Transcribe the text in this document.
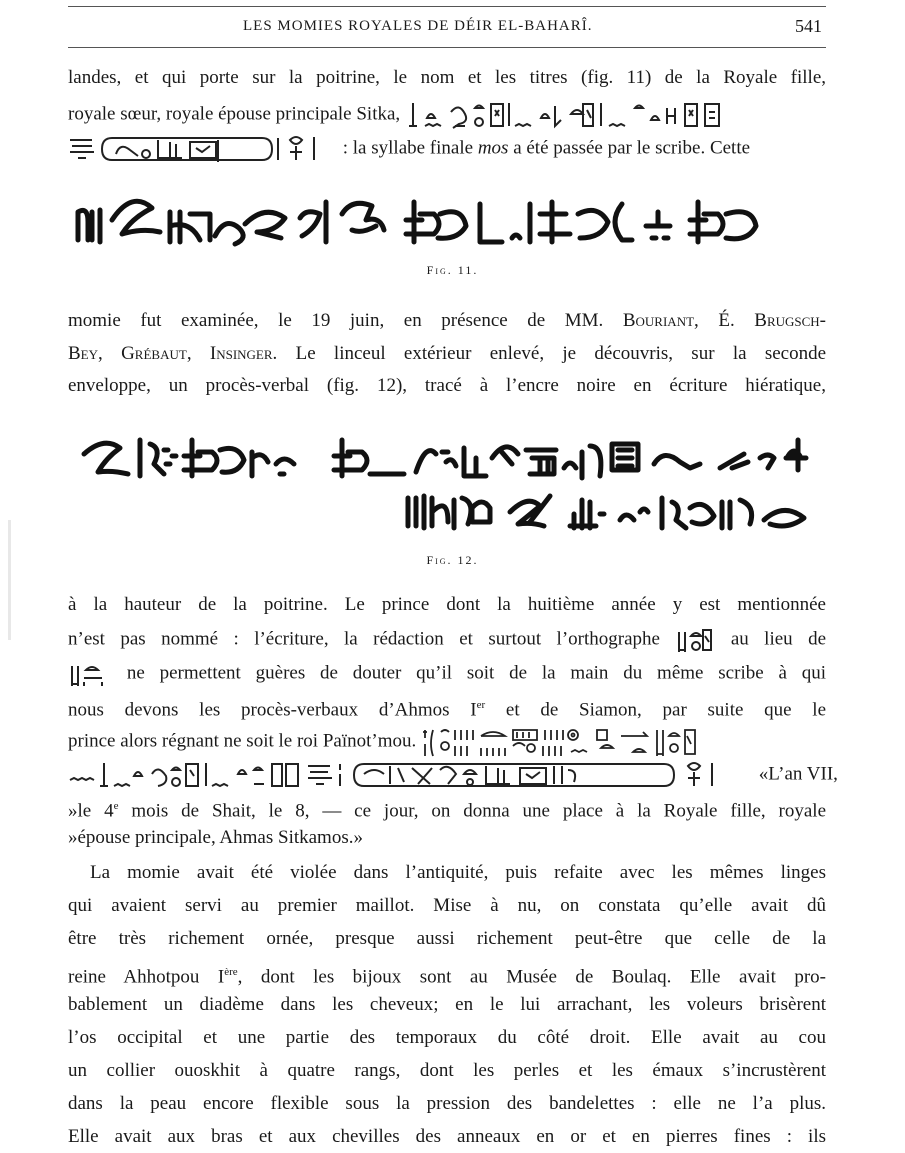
LES MOMIES ROYALES DE DÉIR EL-BAHARÎ.	541
landes, et qui porte sur la poitrine, le nom et les titres (fig. 11) de la Royale fille,
royale sœur, royale épouse principale Sitka,
: la syllabe finale mos a été passée par le scribe. Cette
Fig. 11.
momie fut examinée, le 19 juin, en présence de MM. Bouriant, É. Brugsch-
Bey, Grébaut, Insinger. Le linceul extérieur enlevé, je découvris, sur la seconde
enveloppe, un procès-verbal (fig. 12), tracé à l’encre noire en écriture hiératique,
Fig. 12.
à la hauteur de la poitrine. Le prince dont la huitième année y est mentionnée
n’est pas nommé : l’écriture, la rédaction et surtout l’orthographe	au lieu de
ne permettent guères de douter qu’il soit de la main du même scribe à qui
nous devons les procès-verbaux d’Ahmos Ier et de Siamon, par suite que le
prince alors régnant ne soit le roi Païnot’mou.
«L’an VII,
»le 4e mois de Shait, le 8, — ce jour, on donna une place à la Royale fille, royale
»épouse principale, Ahmas Sitkamos.»
La momie avait été violée dans l’antiquité, puis refaite avec les mêmes linges
qui avaient servi au premier maillot. Mise à nu, on constata qu’elle avait dû
être très richement ornée, presque aussi richement peut-être que celle de la
reine Ahhotpou Ière, dont les bijoux sont au Musée de Boulaq. Elle avait pro-
bablement un diadème dans les cheveux; en le lui arrachant, les voleurs brisèrent
l’os occipital et une partie des temporaux du côté droit. Elle avait au cou
un collier ouoskhit à quatre rangs, dont les perles et les émaux s’incrustèrent
dans la peau encore flexible sous la pression des bandelettes : elle ne l’a plus.
Elle avait aux bras et aux chevilles des anneaux en or et en pierres fines : ils
